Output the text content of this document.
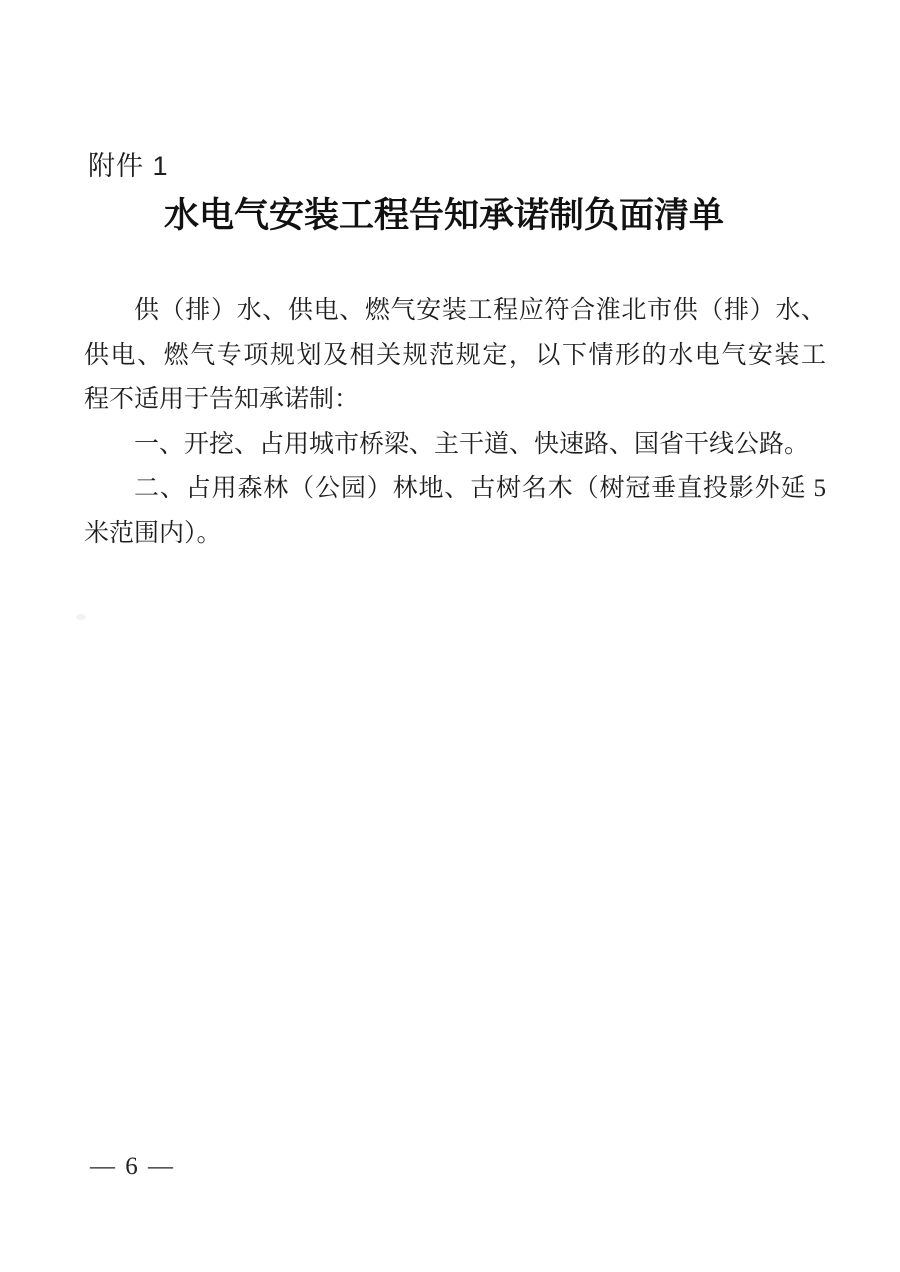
附件 1
水电气安装工程告知承诺制负面清单
供（排）水、供电、燃气安装工程应符合淮北市供（排）水、
供电、燃气专项规划及相关规范规定，以下情形的水电气安装工
程不适用于告知承诺制：
一、开挖、占用城市桥梁、主干道、快速路、国省干线公路。
二、占用森林（公园）林地、古树名木（树冠垂直投影外延 5
米范围内）。
— 6 —
